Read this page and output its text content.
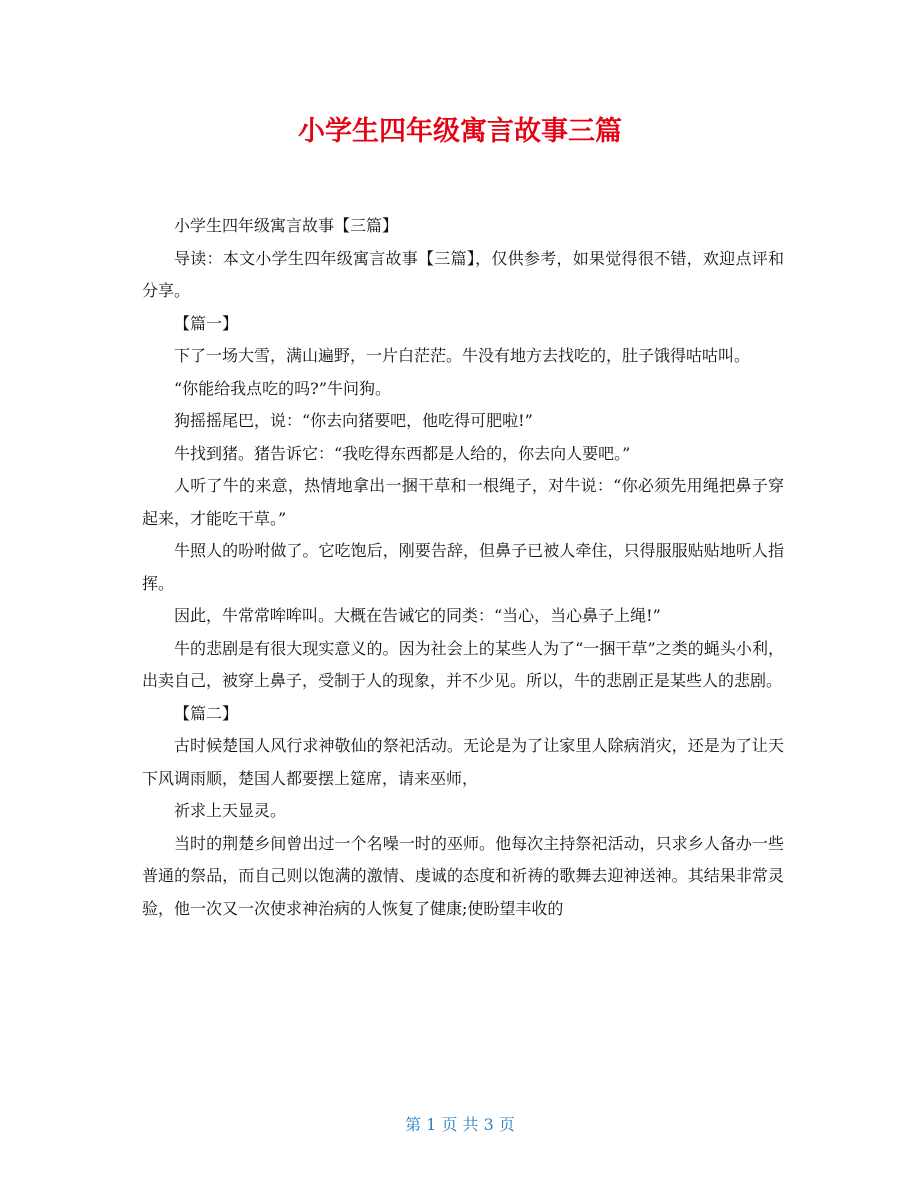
小学生四年级寓言故事三篇

小学生四年级寓言故事【三篇】

导读：本文小学生四年级寓言故事【三篇】，仅供参考，如果觉得很不错，欢迎点评和分享。

【篇一】

下了一场大雪，满山遍野，一片白茫茫。牛没有地方去找吃的，肚子饿得咕咕叫。

“你能给我点吃的吗?”牛问狗。

狗摇摇尾巴，说：“你去向猪要吧，他吃得可肥啦!”

牛找到猪。猪告诉它：“我吃得东西都是人给的，你去向人要吧。”

人听了牛的来意，热情地拿出一捆干草和一根绳子，对牛说：“你必须先用绳把鼻子穿起来，才能吃干草。”

牛照人的吩咐做了。它吃饱后，刚要告辞，但鼻子已被人牵住，只得服服贴贴地听人指挥。

因此，牛常常哞哞叫。大概在告诫它的同类：“当心，当心鼻子上绳!”

牛的悲剧是有很大现实意义的。因为社会上的某些人为了“一捆干草”之类的蝇头小利，出卖自己，被穿上鼻子，受制于人的现象，并不少见。所以，牛的悲剧正是某些人的悲剧。

【篇二】

古时候楚国人风行求神敬仙的祭祀活动。无论是为了让家里人除病消灾，还是为了让天下风调雨顺，楚国人都要摆上筵席，请来巫师，

祈求上天显灵。

当时的荆楚乡间曾出过一个名噪一时的巫师。他每次主持祭祀活动，只求乡人备办一些普通的祭品，而自己则以饱满的激情、虔诚的态度和祈祷的歌舞去迎神送神。其结果非常灵验，他一次又一次使求神治病的人恢复了健康;使盼望丰收的

第 1 页 共 3 页
